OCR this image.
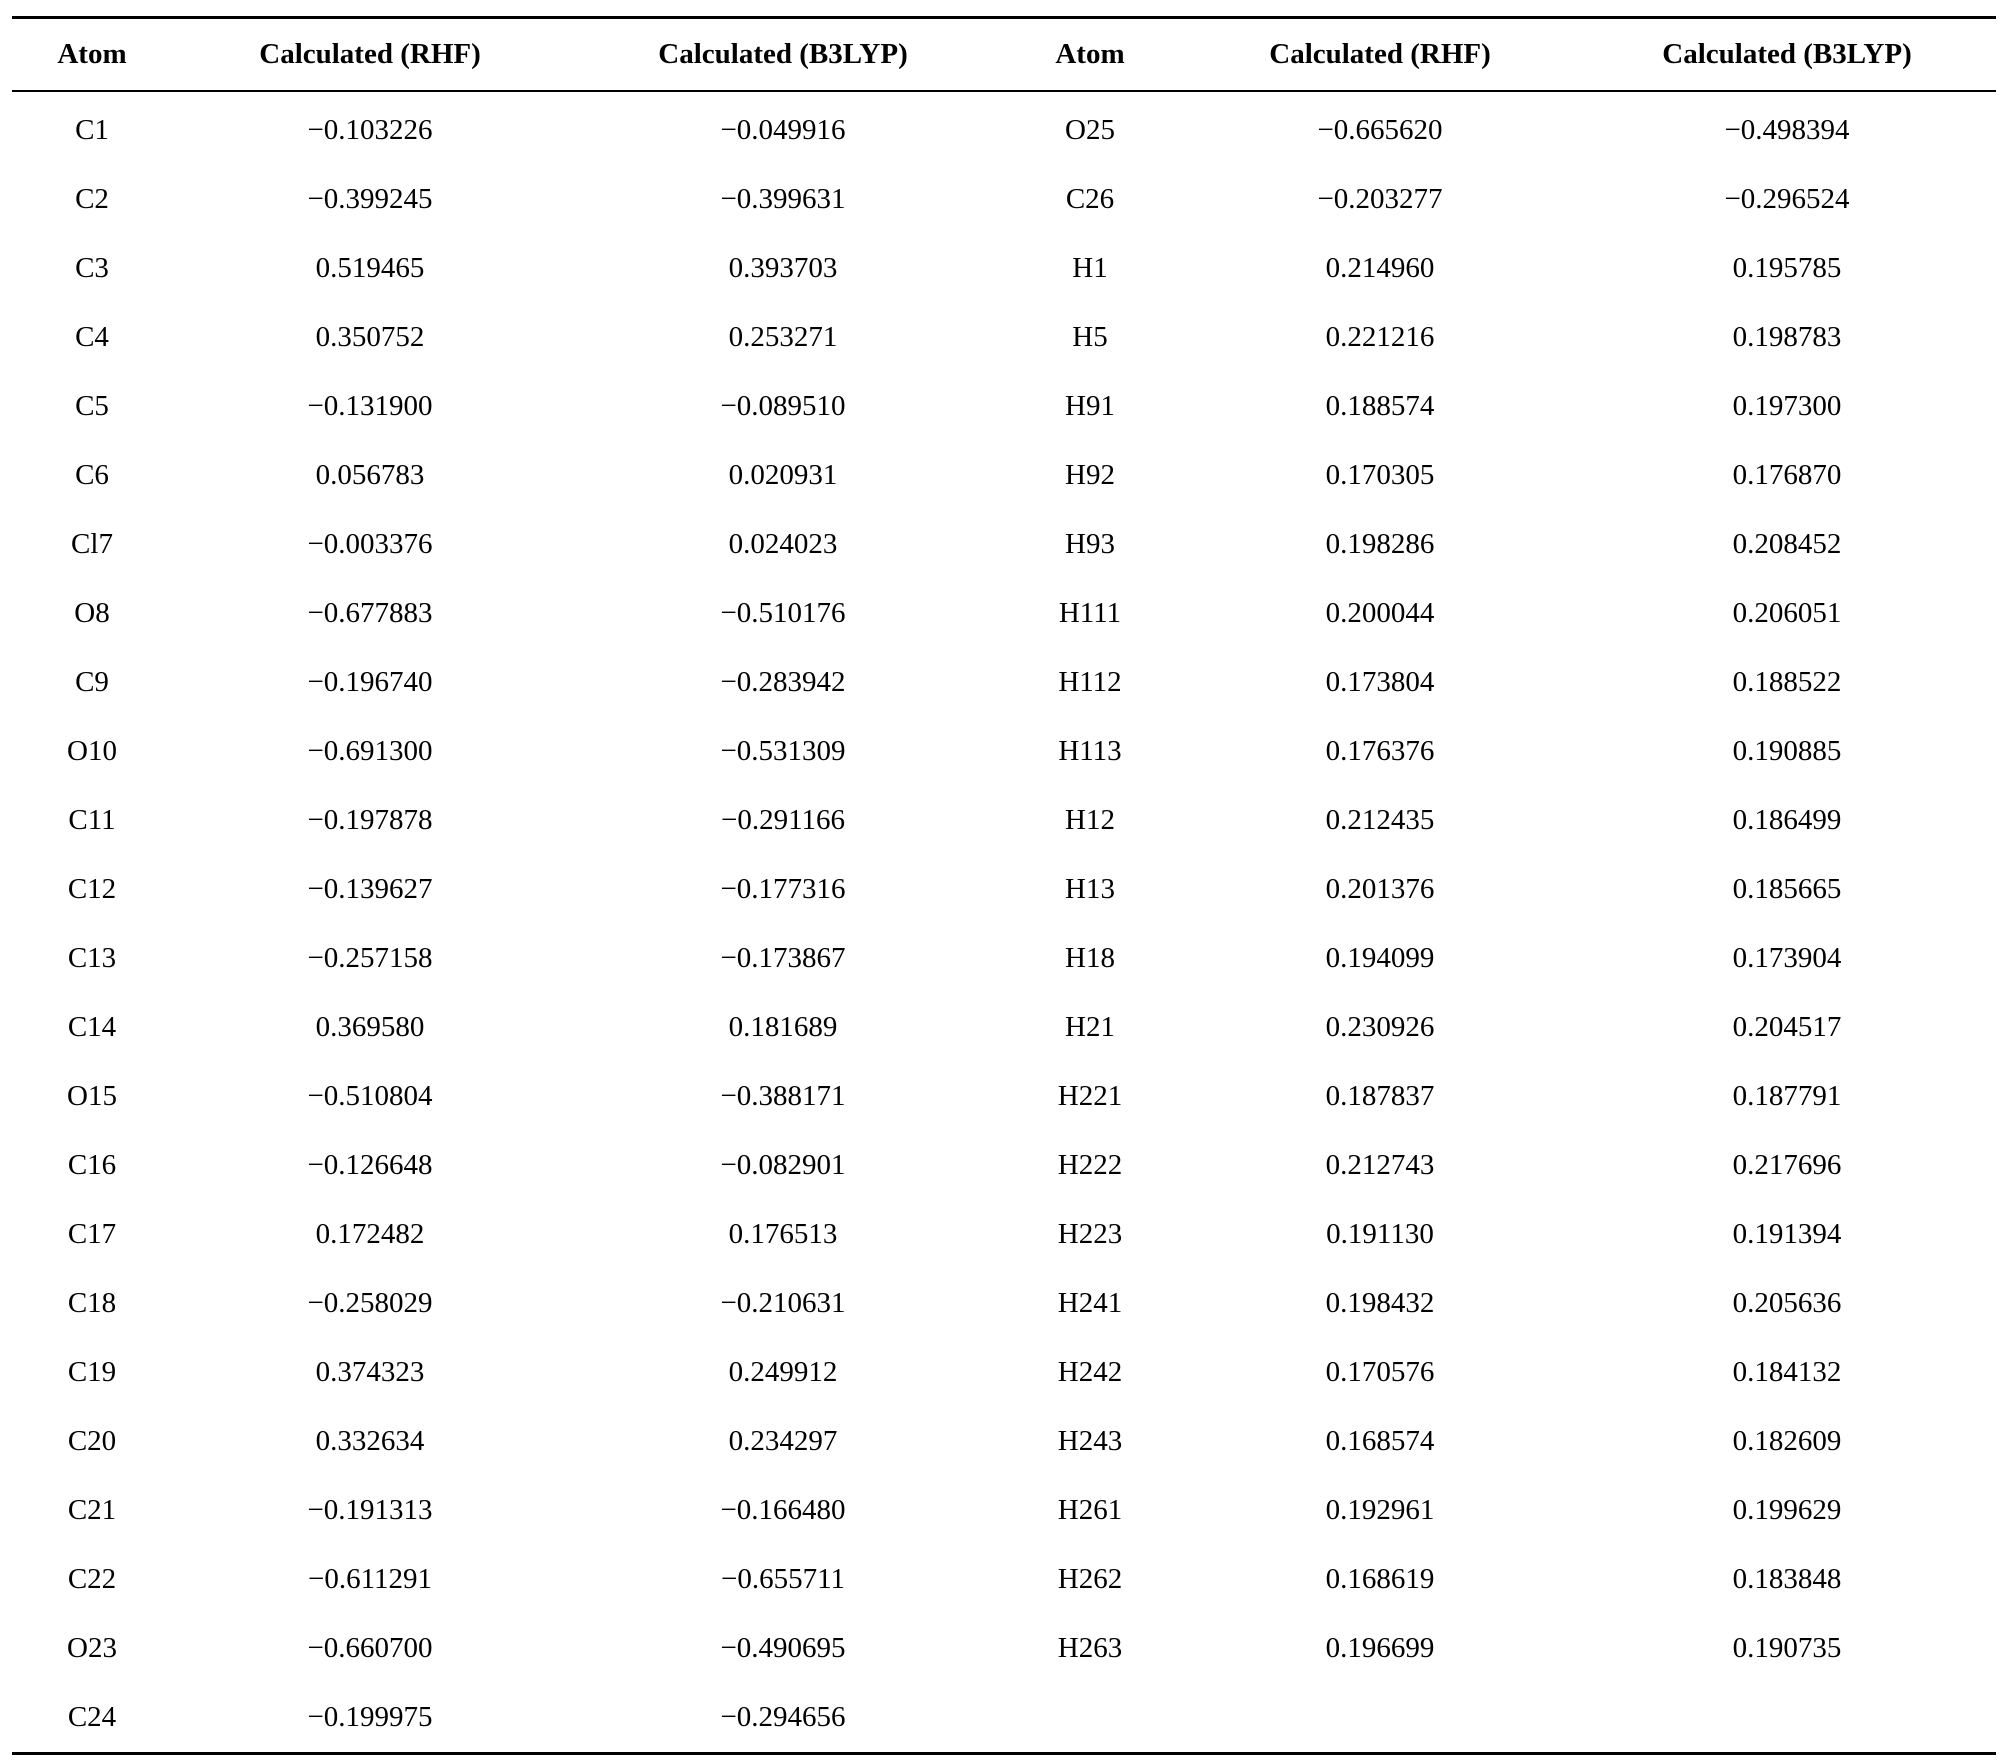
Atom	Calculated (RHF)	Calculated (B3LYP)	Atom	Calculated (RHF)	Calculated (B3LYP)

C1	−0.103226	−0.049916	O25	−0.665620	−0.498394
C2	−0.399245	−0.399631	C26	−0.203277	−0.296524
C3	0.519465	0.393703	H1	0.214960	0.195785
C4	0.350752	0.253271	H5	0.221216	0.198783
C5	−0.131900	−0.089510	H91	0.188574	0.197300
C6	0.056783	0.020931	H92	0.170305	0.176870
Cl7	−0.003376	0.024023	H93	0.198286	0.208452
O8	−0.677883	−0.510176	H111	0.200044	0.206051
C9	−0.196740	−0.283942	H112	0.173804	0.188522
O10	−0.691300	−0.531309	H113	0.176376	0.190885
C11	−0.197878	−0.291166	H12	0.212435	0.186499
C12	−0.139627	−0.177316	H13	0.201376	0.185665
C13	−0.257158	−0.173867	H18	0.194099	0.173904
C14	0.369580	0.181689	H21	0.230926	0.204517
O15	−0.510804	−0.388171	H221	0.187837	0.187791
C16	−0.126648	−0.082901	H222	0.212743	0.217696
C17	0.172482	0.176513	H223	0.191130	0.191394
C18	−0.258029	−0.210631	H241	0.198432	0.205636
C19	0.374323	0.249912	H242	0.170576	0.184132
C20	0.332634	0.234297	H243	0.168574	0.182609
C21	−0.191313	−0.166480	H261	0.192961	0.199629
C22	−0.611291	−0.655711	H262	0.168619	0.183848
O23	−0.660700	−0.490695	H263	0.196699	0.190735
C24	−0.199975	−0.294656			
